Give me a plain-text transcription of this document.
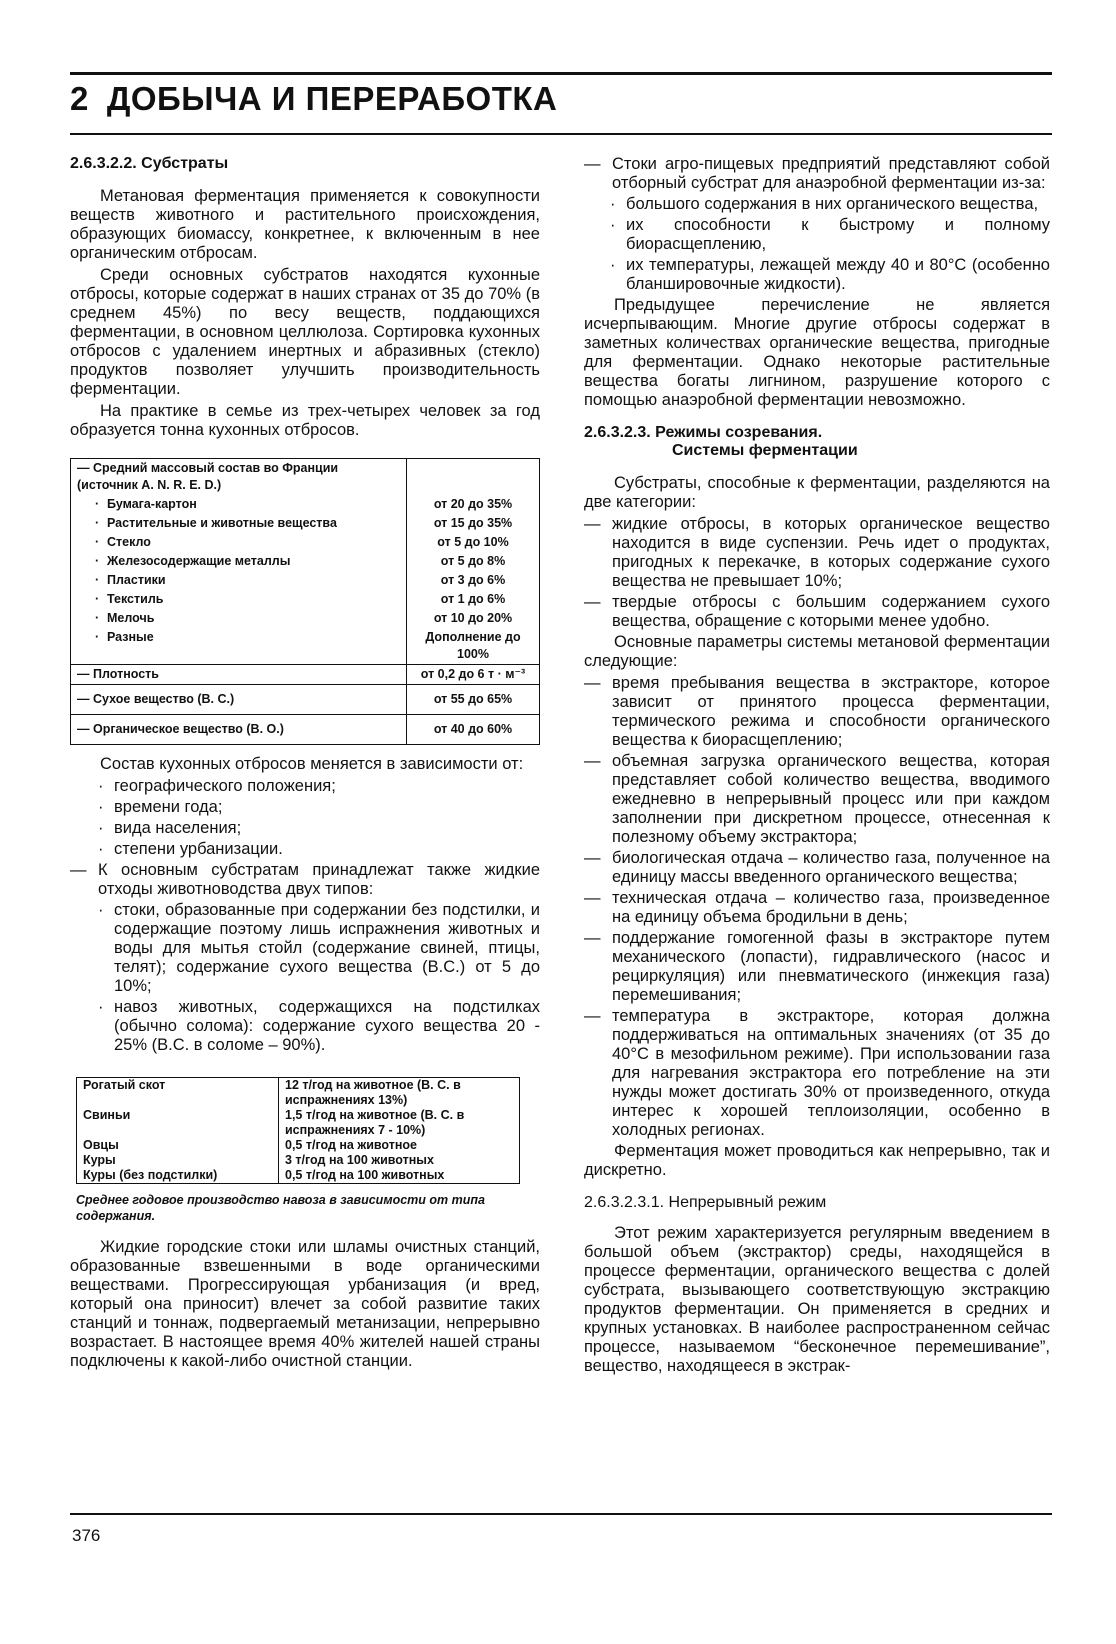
2 ДОБЫЧА И ПЕРЕРАБОТКА
2.6.3.2.2. Субстраты

Метановая ферментация применяется к совокупности веществ животного и растительного происхождения, образующих биомассу, конкретнее, к включенным в нее органическим отбросам.

Среди основных субстратов находятся кухонные отбросы, которые содержат в наших странах от 35 до 70% (в среднем 45%) по весу веществ, поддающихся ферментации, в основном целлюлоза. Сортировка кухонных отбросов с удалением инертных и абразивных (стекло) продуктов позволяет улучшить производительность ферментации.

На практике в семье из трех-четырех человек за год образуется тонна кухонных отбросов.

— Средний массовый состав во Франции (источник A. N. R. E. D.)	
· Бумага-картон	от 20 до 35%
· Растительные и животные вещества	от 15 до 35%
· Стекло	от 5 до 10%
· Железосодержащие металлы	от 5 до 8%
· Пластики	от 3 до 6%
· Текстиль	от 1 до 6%
· Мелочь	от 10 до 20%
· Разные	Дополнение до 100%
— Плотность	от 0,2 до 6 т · м⁻³
— Сухое вещество (В. С.)	от 55 до 65%
— Органическое вещество (В. О.)	от 40 до 60%

Состав кухонных отбросов меняется в зависимости от:

· географического положения;
· времени года;
· вида населения;
· степени урбанизации.
— К основным субстратам принадлежат также жидкие отходы животноводства двух типов:
· стоки, образованные при содержании без подстилки, и содержащие поэтому лишь испражнения животных и воды для мытья стойл (содержание свиней, птицы, телят); содержание сухого вещества (В.С.) от 5 до 10%;
· навоз животных, содержащихся на подстилках (обычно солома): содержание сухого вещества 20 - 25% (В.С. в соломе – 90%).
Рогатый скот	12 т/год на животное (В. С. в испражнениях 13%)
Свиньи	1,5 т/год на животное (В. С. в испражнениях 7 - 10%)
Овцы	0,5 т/год на животное
Куры	3 т/год на 100 животных
Куры (без подстилки)	0,5 т/год на 100 животных
Среднее годовое производство навоза в зависимости от типа содержания.

Жидкие городские стоки или шламы очистных станций, образованные взвешенными в воде органическими веществами. Прогрессирующая урбанизация (и вред, который она приносит) влечет за собой развитие таких станций и тоннаж, подвергаемый метанизации, непрерывно возрастает. В настоящее время 40% жителей нашей страны подключены к какой-либо очистной станции.

— Стоки агро-пищевых предприятий представляют собой отборный субстрат для анаэробной ферментации из-за:
· большого содержания в них органического вещества,
· их способности к быстрому и полному биорасщеплению,
· их температуры, лежащей между 40 и 80°C (особенно бланшировочные жидкости).

Предыдущее перечисление не является исчерпывающим. Многие другие отбросы содержат в заметных количествах органические вещества, пригодные для ферментации. Однако некоторые растительные вещества богаты лигнином, разрушение которого с помощью анаэробной ферментации невозможно.

2.6.3.2.3. Режимы созревания.
Системы ферментации

Субстраты, способные к ферментации, разделяются на две категории:

— жидкие отбросы, в которых органическое вещество находится в виде суспензии. Речь идет о продуктах, пригодных к перекачке, в которых содержание сухого вещества не превышает 10%;
— твердые отбросы с большим содержанием сухого вещества, обращение с которыми менее удобно.

Основные параметры системы метановой ферментации следующие:

— время пребывания вещества в экстракторе, которое зависит от принятого процесса ферментации, термического режима и способности органического вещества к биорасщеплению;
— объемная загрузка органического вещества, которая представляет собой количество вещества, вводимого ежедневно в непрерывный процесс или при каждом заполнении при дискретном процессе, отнесенная к полезному объему экстрактора;
— биологическая отдача – количество газа, полученное на единицу массы введенного органического вещества;
— техническая отдача – количество газа, произведенное на единицу объема бродильни в день;
— поддержание гомогенной фазы в экстракторе путем механического (лопасти), гидравлического (насос и рециркуляция) или пневматического (инжекция газа) перемешивания;
— температура в экстракторе, которая должна поддерживаться на оптимальных значениях (от 35 до 40°C в мезофильном режиме). При использовании газа для нагревания экстрактора его потребление на эти нужды может достигать 30% от произведенного, откуда интерес к хорошей теплоизоляции, особенно в холодных регионах.

Ферментация может проводиться как непрерывно, так и дискретно.

2.6.3.2.3.1. Непрерывный режим

Этот режим характеризуется регулярным введением в большой объем (экстрактор) среды, находящейся в процессе ферментации, органического вещества с долей субстрата, вызывающего соответствующую экстракцию продуктов ферментации. Он применяется в средних и крупных установках. В наиболее распространенном сейчас процессе, называемом “бесконечное перемешивание”, вещество, находящееся в экстрак-

376
